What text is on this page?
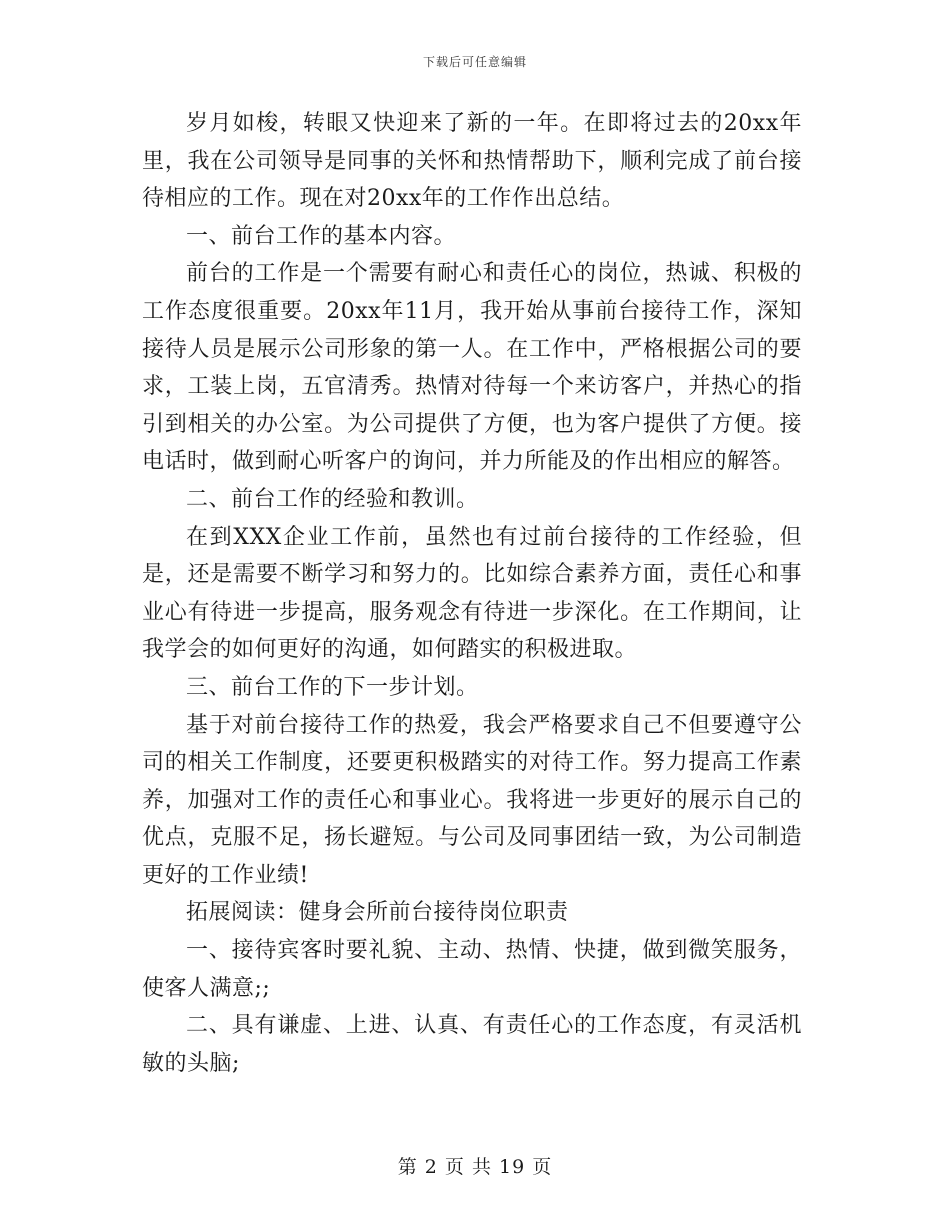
下载后可任意编辑

岁月如梭，转眼又快迎来了新的一年。在即将过去的20xx年里，我在公司领导是同事的关怀和热情帮助下，顺利完成了前台接待相应的工作。现在对20xx年的工作作出总结。

一、前台工作的基本内容。

前台的工作是一个需要有耐心和责任心的岗位，热诚、积极的工作态度很重要。20xx年11月，我开始从事前台接待工作，深知接待人员是展示公司形象的第一人。在工作中，严格根据公司的要求，工装上岗，五官清秀。热情对待每一个来访客户，并热心的指引到相关的办公室。为公司提供了方便，也为客户提供了方便。接电话时，做到耐心听客户的询问，并力所能及的作出相应的解答。

二、前台工作的经验和教训。

在到XXX企业工作前，虽然也有过前台接待的工作经验，但是，还是需要不断学习和努力的。比如综合素养方面，责任心和事业心有待进一步提高，服务观念有待进一步深化。在工作期间，让我学会的如何更好的沟通，如何踏实的积极进取。

三、前台工作的下一步计划。

基于对前台接待工作的热爱，我会严格要求自己不但要遵守公司的相关工作制度，还要更积极踏实的对待工作。努力提高工作素养，加强对工作的责任心和事业心。我将进一步更好的展示自己的优点，克服不足，扬长避短。与公司及同事团结一致，为公司制造更好的工作业绩!

拓展阅读：健身会所前台接待岗位职责

一、接待宾客时要礼貌、主动、热情、快捷，做到微笑服务，使客人满意;;

二、具有谦虚、上进、认真、有责任心的工作态度，有灵活机敏的头脑;

第 2 页 共 19 页
